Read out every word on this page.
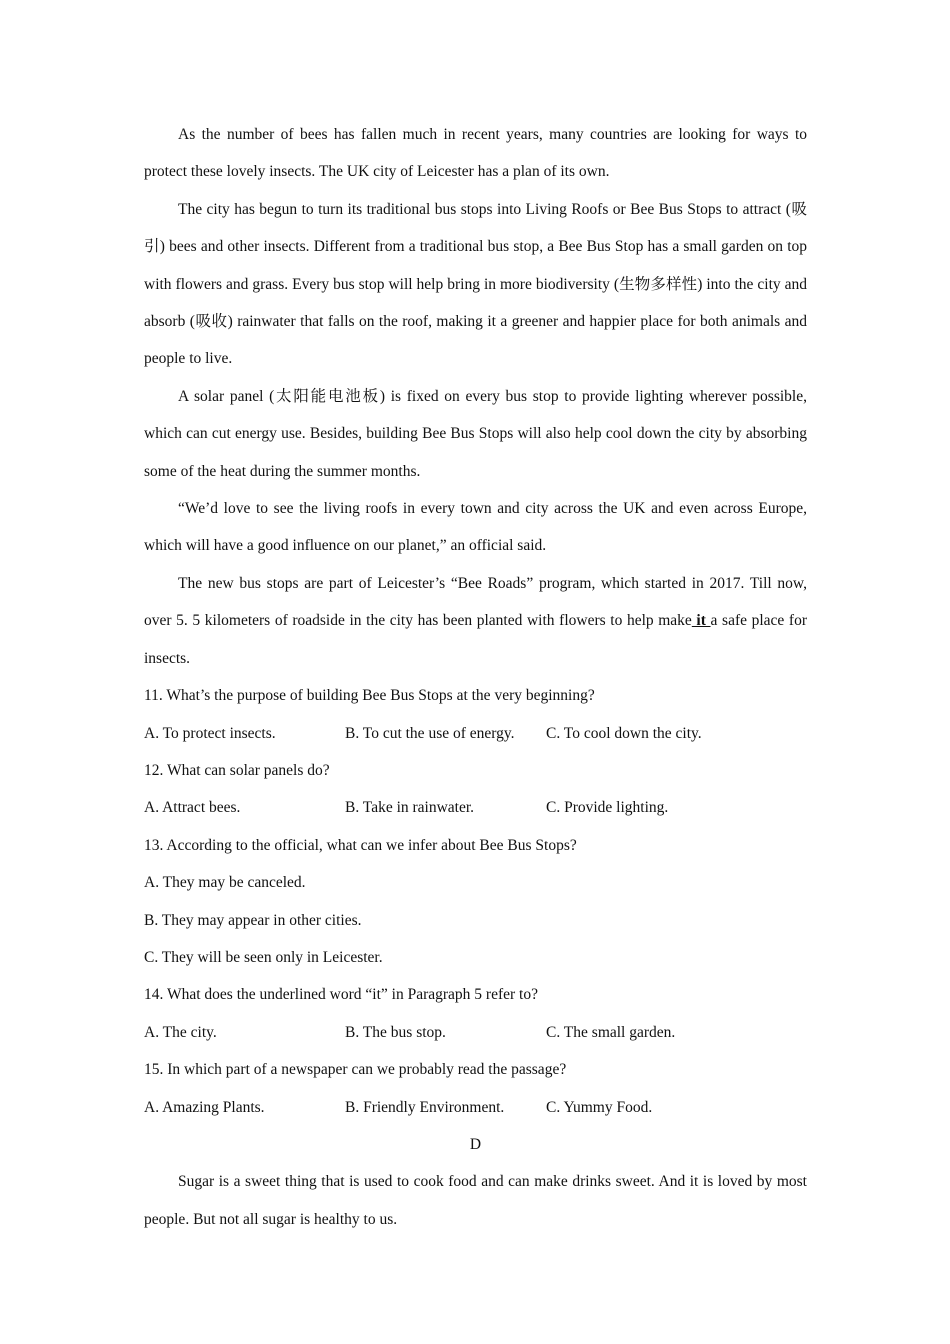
As the number of bees has fallen much in recent years, many countries are looking for ways to protect these lovely insects. The UK city of Leicester has a plan of its own.

The city has begun to turn its traditional bus stops into Living Roofs or Bee Bus Stops to attract (吸引) bees and other insects. Different from a traditional bus stop, a Bee Bus Stop has a small garden on top with flowers and grass. Every bus stop will help bring in more biodiversity (生物多样性) into the city and absorb (吸收) rainwater that falls on the roof, making it a greener and happier place for both animals and people to live.

A solar panel (太阳能电池板) is fixed on every bus stop to provide lighting wherever possible, which can cut energy use. Besides, building Bee Bus Stops will also help cool down the city by absorbing some of the heat during the summer months.

“We’d love to see the living roofs in every town and city across the UK and even across Europe, which will have a good influence on our planet,” an official said.

The new bus stops are part of Leicester’s “Bee Roads” program, which started in 2017. Till now, over 5. 5 kilometers of roadside in the city has been planted with flowers to help make it a safe place for insects.

11. What’s the purpose of building Bee Bus Stops at the very beginning?

A. To protect insects.	B. To cut the use of energy.	C. To cool down the city.

12. What can solar panels do?

A. Attract bees.	B. Take in rainwater.	C. Provide lighting.

13. According to the official, what can we infer about Bee Bus Stops?

A. They may be canceled.

B. They may appear in other cities.

C. They will be seen only in Leicester.

14. What does the underlined word “it” in Paragraph 5 refer to?

A. The city.	B. The bus stop.	C. The small garden.

15. In which part of a newspaper can we probably read the passage?

A. Amazing Plants.	B. Friendly Environment.	C. Yummy Food.

D

Sugar is a sweet thing that is used to cook food and can make drinks sweet. And it is loved by most people. But not all sugar is healthy to us.
